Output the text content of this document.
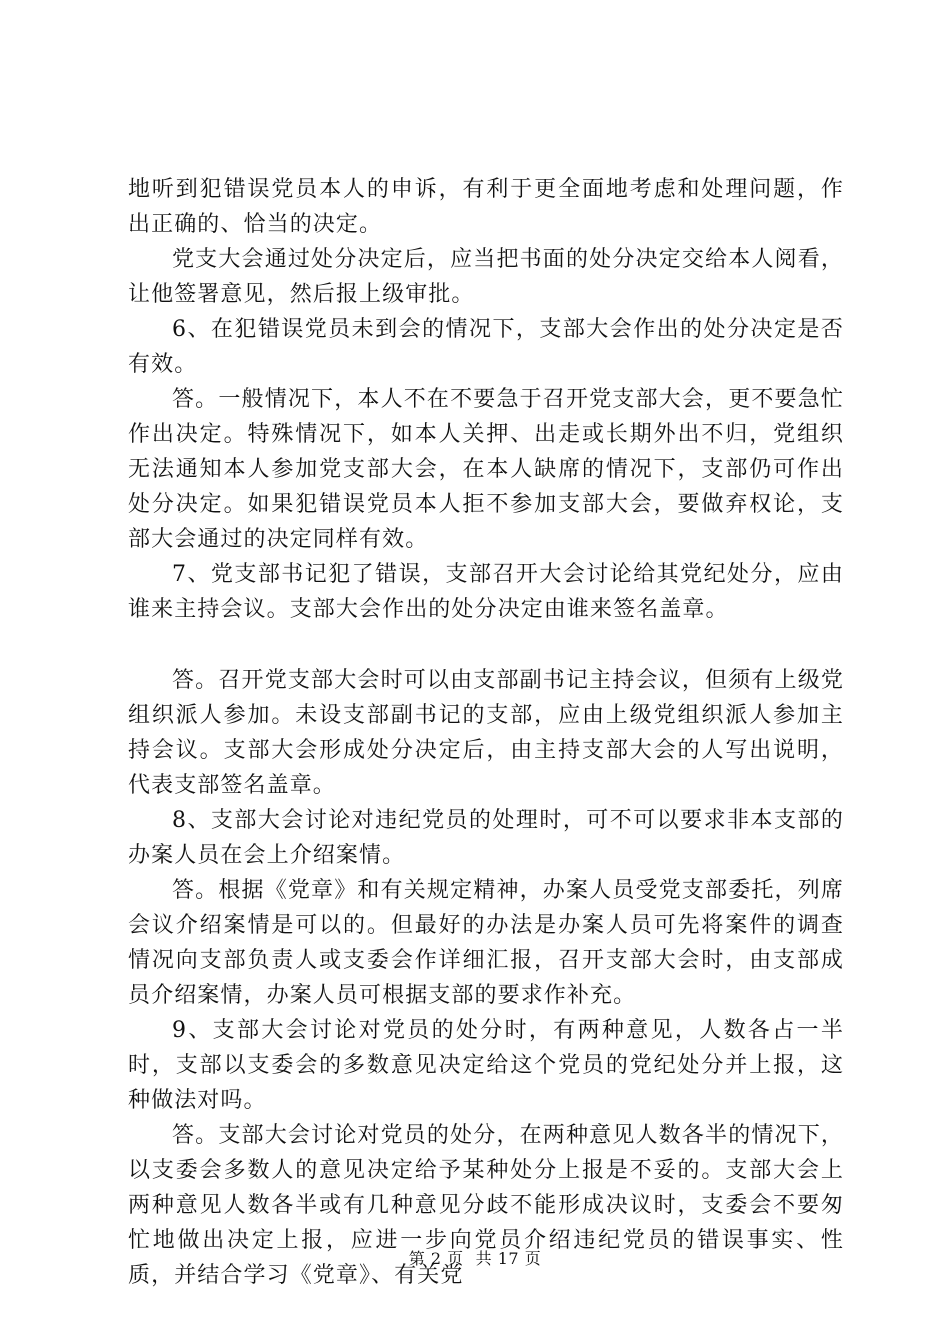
地听到犯错误党员本人的申诉，有利于更全面地考虑和处理问题，作出正确的、恰当的决定。

党支大会通过处分决定后，应当把书面的处分决定交给本人阅看，让他签署意见，然后报上级审批。

6、在犯错误党员未到会的情况下，支部大会作出的处分决定是否有效。

答。一般情况下，本人不在不要急于召开党支部大会，更不要急忙作出决定。特殊情况下，如本人关押、出走或长期外出不归，党组织无法通知本人参加党支部大会，在本人缺席的情况下，支部仍可作出处分决定。如果犯错误党员本人拒不参加支部大会，要做弃权论，支部大会通过的决定同样有效。

7、党支部书记犯了错误，支部召开大会讨论给其党纪处分，应由谁来主持会议。支部大会作出的处分决定由谁来签名盖章。

答。召开党支部大会时可以由支部副书记主持会议，但须有上级党组织派人参加。未设支部副书记的支部，应由上级党组织派人参加主持会议。支部大会形成处分决定后，由主持支部大会的人写出说明，代表支部签名盖章。

8、支部大会讨论对违纪党员的处理时，可不可以要求非本支部的办案人员在会上介绍案情。

答。根据《党章》和有关规定精神，办案人员受党支部委托，列席会议介绍案情是可以的。但最好的办法是办案人员可先将案件的调查情况向支部负责人或支委会作详细汇报，召开支部大会时，由支部成员介绍案情，办案人员可根据支部的要求作补充。

9、支部大会讨论对党员的处分时，有两种意见，人数各占一半时，支部以支委会的多数意见决定给这个党员的党纪处分并上报，这种做法对吗。

答。支部大会讨论对党员的处分，在两种意见人数各半的情况下，以支委会多数人的意见决定给予某种处分上报是不妥的。支部大会上两种意见人数各半或有几种意见分歧不能形成决议时，支委会不要匆忙地做出决定上报，应进一步向党员介绍违纪党员的错误事实、性质，并结合学习《党章》、有关党

第 2 页 共 17 页
